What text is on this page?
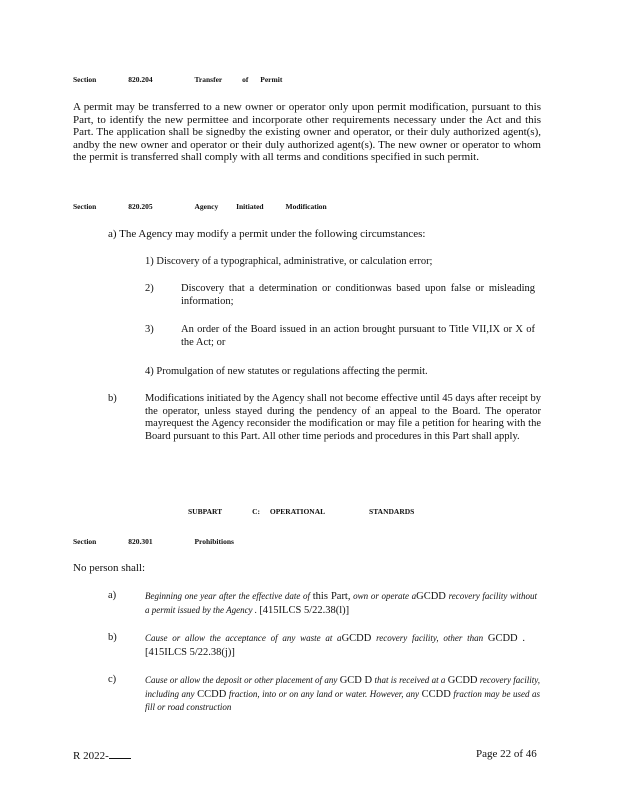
Section	820.204	Transfer	of Permit
A permit may be transferred to a new owner or operator only upon permit modification, pursuant to this Part, to identify the new permittee and incorporate other requirements necessary under the Act and this Part. The application shall be signedby the existing owner and operator, or their duly authorized agent(s), andby the new owner and operator or their duly authorized agent(s). The new owner or operator to whom the permit is transferred shall comply with all terms and conditions specified in such permit.
Section	820.205	Agency Initiated	Modification
a) The Agency may modify a permit under the following circumstances:
1) Discovery of a typographical, administrative, or calculation error;
2)	Discovery that a determination or conditionwas based upon false or misleading information;
3)	An order of the Board issued in an action brought pursuant to Title VII,IX or X of the Act; or
4) Promulgation of new statutes or regulations affecting the permit.
b)	Modifications initiated by the Agency shall not become effective until 45 days after receipt by the operator, unless stayed during the pendency of an appeal to the Board. The operator mayrequest the Agency reconsider the modification or may file a petition for hearing with the Board pursuant to this Part. All other time periods and procedures in this Part shall apply.
SUBPART	C: OPERATIONAL	STANDARDS
Section	820.301	Prohibitions
No person shall:
a)	Beginning one year after the effective date of this Part, own or operate aGCDD recovery facility without a permit issued by the Agency . [415ILCS 5/22.38(l)]
b)	Cause or allow the acceptance of any waste at aGCDD recovery facility, other than GCDD . [415ILCS 5/22.38(j)]
c)	Cause or allow the deposit or other placement of any GCD D that is received at a GCDD recovery facility, including any CCDD fraction, into or on any land or water. However, any CCDD fraction may be used as fill or road construction
R 2022-	Page 22 of 46
